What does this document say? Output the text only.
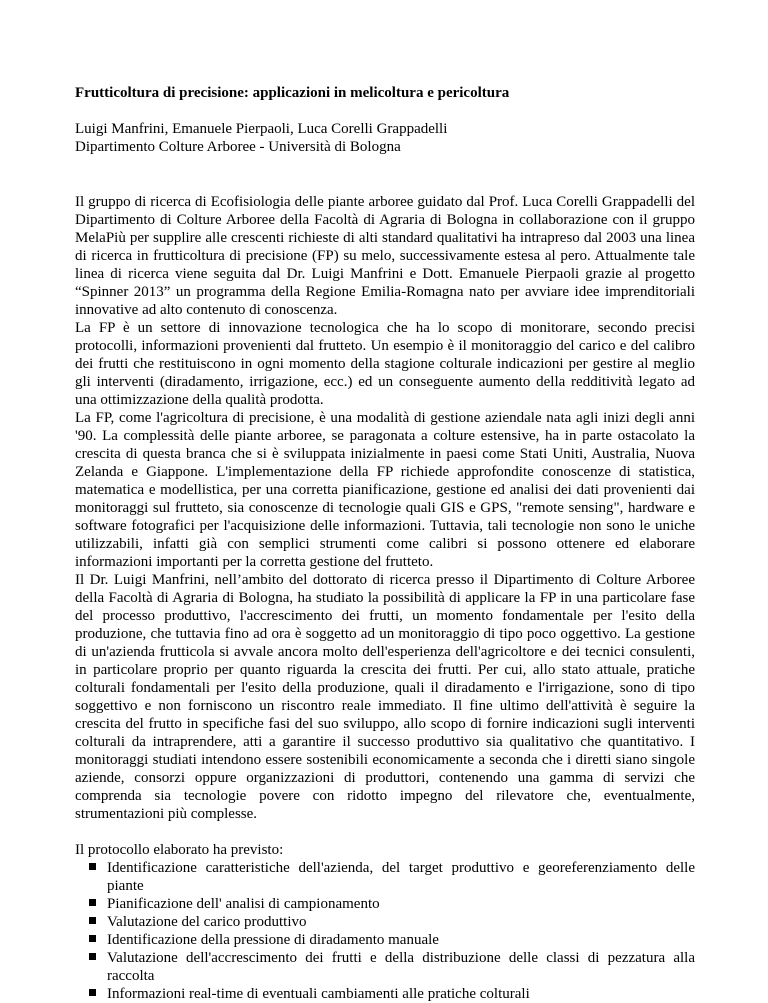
Frutticoltura di precisione: applicazioni in melicoltura e pericoltura
Luigi Manfrini, Emanuele Pierpaoli, Luca Corelli Grappadelli
Dipartimento Colture Arboree - Università di Bologna

Il gruppo di ricerca di Ecofisiologia delle piante arboree guidato dal Prof. Luca Corelli Grappadelli del Dipartimento di Colture Arboree della Facoltà di Agraria di Bologna in collaborazione con il gruppo MelaPiù per supplire alle crescenti richieste di alti standard qualitativi ha intrapreso dal 2003 una linea di ricerca in frutticoltura di precisione (FP) su melo, successivamente estesa al pero. Attualmente tale linea di ricerca viene seguita dal Dr. Luigi Manfrini e Dott. Emanuele Pierpaoli grazie al progetto “Spinner 2013” un programma della Regione Emilia-Romagna nato per avviare idee imprenditoriali innovative ad alto contenuto di conoscenza.

La FP è un settore di innovazione tecnologica che ha lo scopo di monitorare, secondo precisi protocolli, informazioni provenienti dal frutteto. Un esempio è il monitoraggio del carico e del calibro dei frutti che restituiscono in ogni momento della stagione colturale indicazioni per gestire al meglio gli interventi (diradamento, irrigazione, ecc.) ed un conseguente aumento della redditività legato ad una ottimizzazione della qualità prodotta.

La FP, come l'agricoltura di precisione, è una modalità di gestione aziendale nata agli inizi degli anni '90. La complessità delle piante arboree, se paragonata a colture estensive, ha in parte ostacolato la crescita di questa branca che si è sviluppata inizialmente in paesi come Stati Uniti, Australia, Nuova Zelanda e Giappone. L'implementazione della FP richiede approfondite conoscenze di statistica, matematica e modellistica, per una corretta pianificazione, gestione ed analisi dei dati provenienti dai monitoraggi sul frutteto, sia conoscenze di tecnologie quali GIS e GPS, "remote sensing", hardware e software fotografici per l'acquisizione delle informazioni. Tuttavia, tali tecnologie non sono le uniche utilizzabili, infatti già con semplici strumenti come calibri si possono ottenere ed elaborare informazioni importanti per la corretta gestione del frutteto.

Il Dr. Luigi Manfrini, nell’ambito del dottorato di ricerca presso il Dipartimento di Colture Arboree della Facoltà di Agraria di Bologna, ha studiato la possibilità di applicare la FP in una particolare fase del processo produttivo, l'accrescimento dei frutti, un momento fondamentale per l'esito della produzione, che tuttavia fino ad ora è soggetto ad un monitoraggio di tipo poco oggettivo. La gestione di un'azienda frutticola si avvale ancora molto dell'esperienza dell'agricoltore e dei tecnici consulenti, in particolare proprio per quanto riguarda la crescita dei frutti. Per cui, allo stato attuale, pratiche colturali fondamentali per l'esito della produzione, quali il diradamento e l'irrigazione, sono di tipo soggettivo e non forniscono un riscontro reale immediato. Il fine ultimo dell'attività è seguire la crescita del frutto in specifiche fasi del suo sviluppo, allo scopo di fornire indicazioni sugli interventi colturali da intraprendere, atti a garantire il successo produttivo sia qualitativo che quantitativo. I monitoraggi studiati intendono essere sostenibili economicamente a seconda che i diretti siano singole aziende, consorzi oppure organizzazioni di produttori, contenendo una gamma di servizi che comprenda sia tecnologie povere con ridotto impegno del rilevatore che, eventualmente, strumentazioni più complesse.

Il protocollo elaborato ha previsto:
Identificazione caratteristiche dell'azienda, del target produttivo e georeferenziamento delle piante
Pianificazione dell' analisi di campionamento
Valutazione del carico produttivo
Identificazione della pressione di diradamento manuale
Valutazione dell'accrescimento dei frutti e della distribuzione delle classi di pezzatura alla raccolta
Informazioni real-time di eventuali cambiamenti alle pratiche colturali
